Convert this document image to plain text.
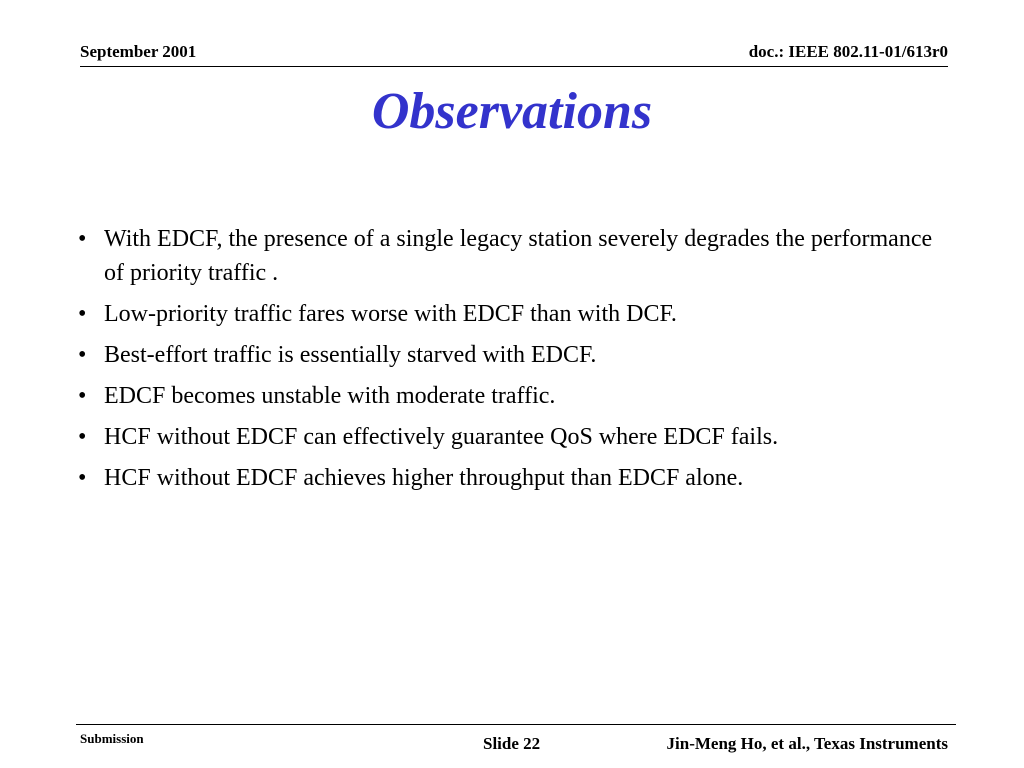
September 2001	doc.: IEEE 802.11-01/613r0
Observations
• With EDCF, the presence of a single legacy station severely degrades the performance of priority traffic .
• Low-priority traffic fares worse with EDCF than with DCF.
• Best-effort traffic is essentially starved with EDCF.
• EDCF becomes unstable with moderate traffic.
• HCF without EDCF can effectively guarantee QoS where EDCF fails.
• HCF without EDCF achieves higher throughput than EDCF alone.
Submission	Slide 22	Jin-Meng Ho, et al., Texas Instruments
